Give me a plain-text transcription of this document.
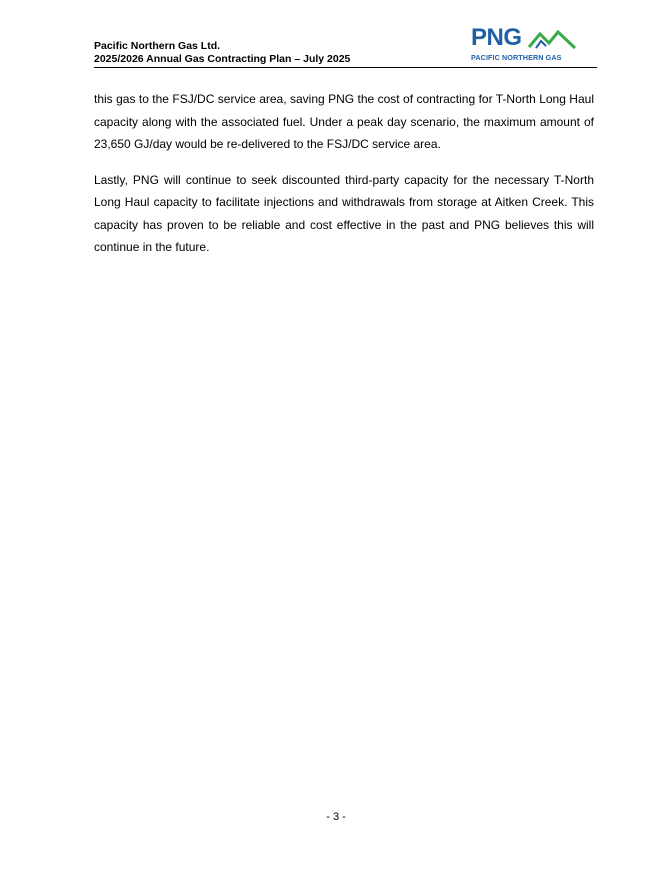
Pacific Northern Gas Ltd.
2025/2026 Annual Gas Contracting Plan – July 2025
PNG
PACIFIC NORTHERN GAS

this gas to the FSJ/DC service area, saving PNG the cost of contracting for T-North Long Haul capacity along with the associated fuel. Under a peak day scenario, the maximum amount of 23,650 GJ/day would be re-delivered to the FSJ/DC service area.

Lastly, PNG will continue to seek discounted third-party capacity for the necessary T-North Long Haul capacity to facilitate injections and withdrawals from storage at Aitken Creek. This capacity has proven to be reliable and cost effective in the past and PNG believes this will continue in the future.

- 3 -
